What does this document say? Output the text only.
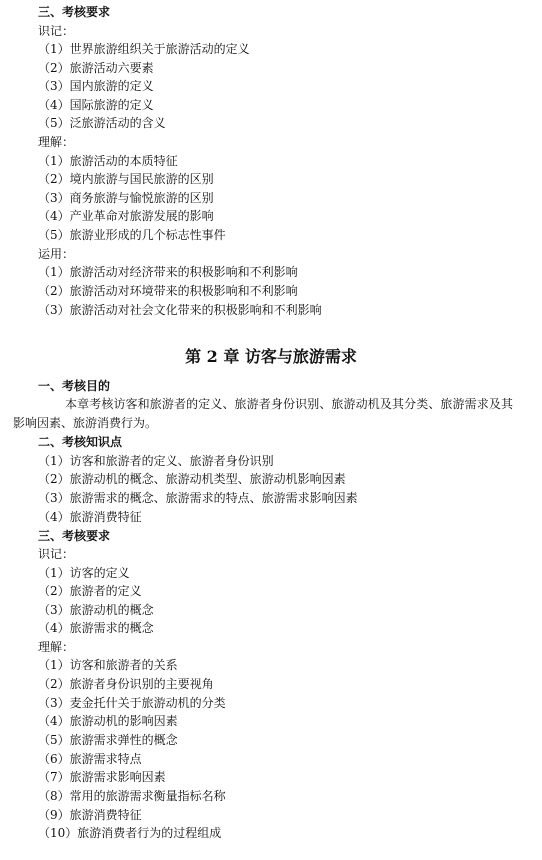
三、考核要求
识记：
（1）世界旅游组织关于旅游活动的定义
（2）旅游活动六要素
（3）国内旅游的定义
（4）国际旅游的定义
（5）泛旅游活动的含义
理解：
（1）旅游活动的本质特征
（2）境内旅游与国民旅游的区别
（3）商务旅游与愉悦旅游的区别
（4）产业革命对旅游发展的影响
（5）旅游业形成的几个标志性事件
运用：
（1）旅游活动对经济带来的积极影响和不利影响
（2）旅游活动对环境带来的积极影响和不利影响
（3）旅游活动对社会文化带来的积极影响和不利影响
第 2 章 访客与旅游需求
一、考核目的
本章考核访客和旅游者的定义、旅游者身份识别、旅游动机及其分类、旅游需求及其影响因素、旅游消费行为。
二、考核知识点
（1）访客和旅游者的定义、旅游者身份识别
（2）旅游动机的概念、旅游动机类型、旅游动机影响因素
（3）旅游需求的概念、旅游需求的特点、旅游需求影响因素
（4）旅游消费特征
三、考核要求
识记：
（1）访客的定义
（2）旅游者的定义
（3）旅游动机的概念
（4）旅游需求的概念
理解：
（1）访客和旅游者的关系
（2）旅游者身份识别的主要视角
（3）麦金托什关于旅游动机的分类
（4）旅游动机的影响因素
（5）旅游需求弹性的概念
（6）旅游需求特点
（7）旅游需求影响因素
（8）常用的旅游需求衡量指标名称
（9）旅游消费特征
（10）旅游消费者行为的过程组成
